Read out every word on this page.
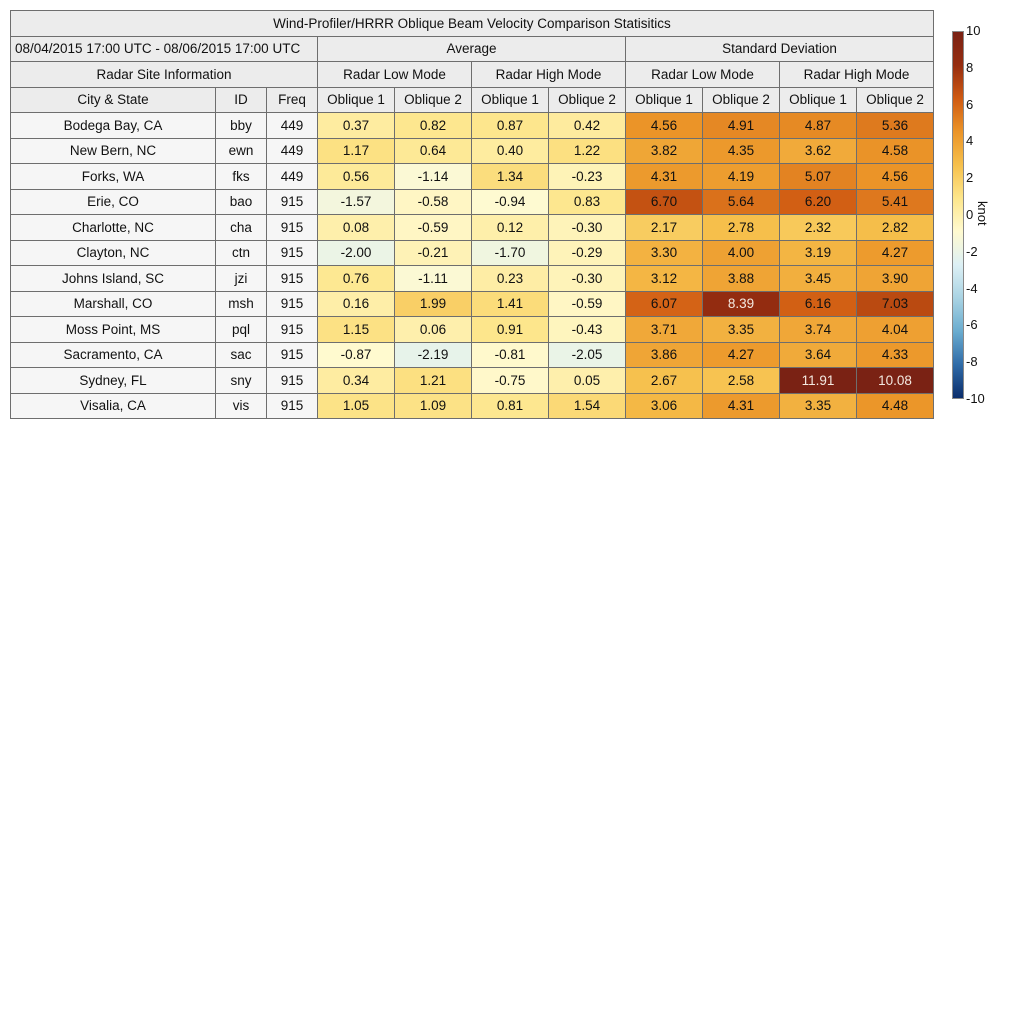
Wind-Profiler/HRRR Oblique Beam Velocity Comparison Statisitics										
08/04/2015 17:00 UTC - 08/06/2015 17:00 UTC			Average				Standard Deviation			
Radar Site Information			Radar Low Mode		Radar High Mode		Radar Low Mode		Radar High Mode	
City & State	ID	Freq	Oblique 1	Oblique 2	Oblique 1	Oblique 2	Oblique 1	Oblique 2	Oblique 1	Oblique 2
Bodega Bay, CA	bby	449	0.37	0.82	0.87	0.42	4.56	4.91	4.87	5.36
New Bern, NC	ewn	449	1.17	0.64	0.40	1.22	3.82	4.35	3.62	4.58
Forks, WA	fks	449	0.56	-1.14	1.34	-0.23	4.31	4.19	5.07	4.56
Erie, CO	bao	915	-1.57	-0.58	-0.94	0.83	6.70	5.64	6.20	5.41
Charlotte, NC	cha	915	0.08	-0.59	0.12	-0.30	2.17	2.78	2.32	2.82
Clayton, NC	ctn	915	-2.00	-0.21	-1.70	-0.29	3.30	4.00	3.19	4.27
Johns Island, SC	jzi	915	0.76	-1.11	0.23	-0.30	3.12	3.88	3.45	3.90
Marshall, CO	msh	915	0.16	1.99	1.41	-0.59	6.07	8.39	6.16	7.03
Moss Point, MS	pql	915	1.15	0.06	0.91	-0.43	3.71	3.35	3.74	4.04
Sacramento, CA	sac	915	-0.87	-2.19	-0.81	-2.05	3.86	4.27	3.64	4.33
Sydney, FL	sny	915	0.34	1.21	-0.75	0.05	2.67	2.58	11.91	10.08
Visalia, CA	vis	915	1.05	1.09	0.81	1.54	3.06	4.31	3.35	4.48
10
8
6
4
2
0
-2
-4
-6
-8
-10
knot
